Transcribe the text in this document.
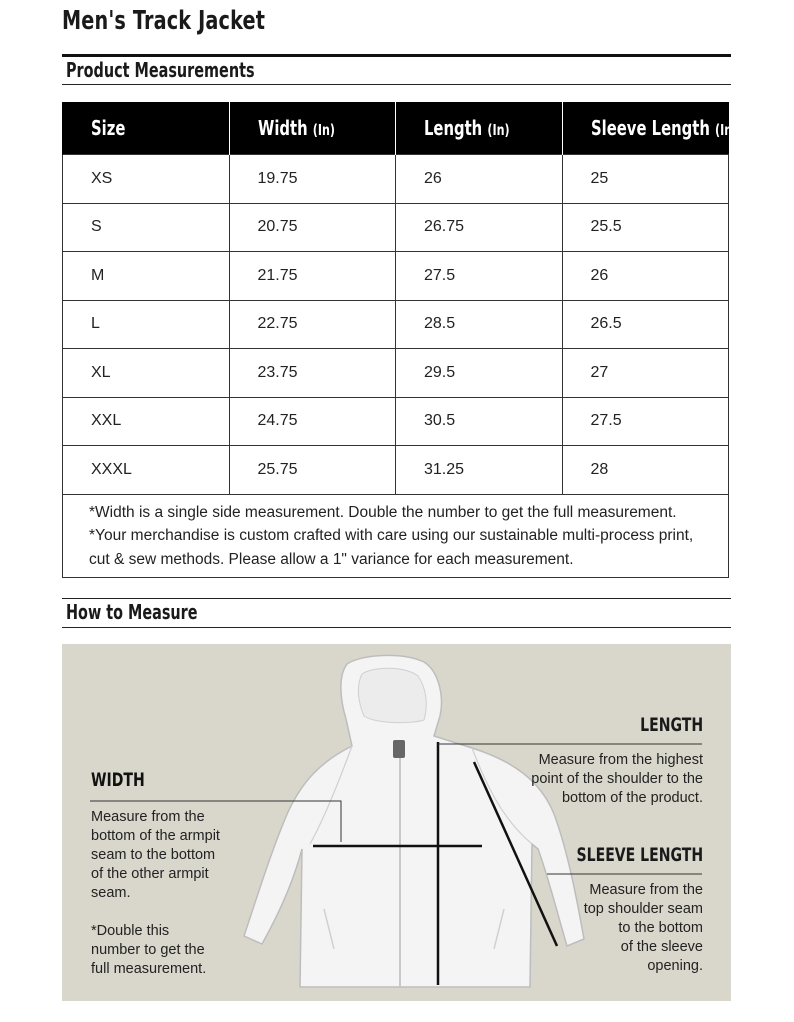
Men's Track Jacket
Product Measurements
Size	Width (In)	Length (In)	Sleeve Length (In)
XS	19.75	26	25
S	20.75	26.75	25.5
M	21.75	27.5	26
L	22.75	28.5	26.5
XL	23.75	29.5	27
XXL	24.75	30.5	27.5
XXXL	25.75	31.25	28

*Width is a single side measurement. Double the number to get the full measurement.

*Your merchandise is custom crafted with care using our sustainable multi-process print, cut & sew methods. Please allow a 1" variance for each measurement.			

How to Measure
WIDTH
Measure from the
bottom of the armpit
seam to the bottom
of the other armpit
seam.
*Double this
number to get the
full measurement.
LENGTH
Measure from the highest
point of the shoulder to the
bottom of the product.
SLEEVE LENGTH
Measure from the
top shoulder seam
to the bottom
of the sleeve
opening.
